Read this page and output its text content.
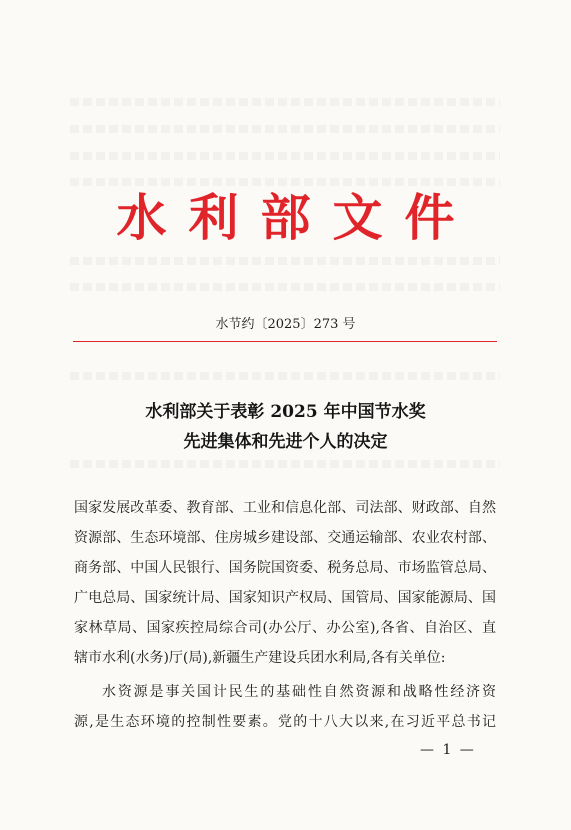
水利部文件
水节约〔2025〕273 号
水利部关于表彰 2025 年中国节水奖
先进集体和先进个人的决定
国家发展改革委、教育部、工业和信息化部、司法部、财政部、自然
资源部、生态环境部、住房城乡建设部、交通运输部、农业农村部、
商务部、中国人民银行、国务院国资委、税务总局、市场监管总局、
广电总局、国家统计局、国家知识产权局、国管局、国家能源局、国
家林草局、国家疾控局综合司(办公厅、办公室),各省、自治区、直
辖市水利(水务)厅(局),新疆生产建设兵团水利局,各有关单位:
水资源是事关国计民生的基础性自然资源和战略性经济资
源,是生态环境的控制性要素。党的十八大以来,在习近平总书记
— 1 —
